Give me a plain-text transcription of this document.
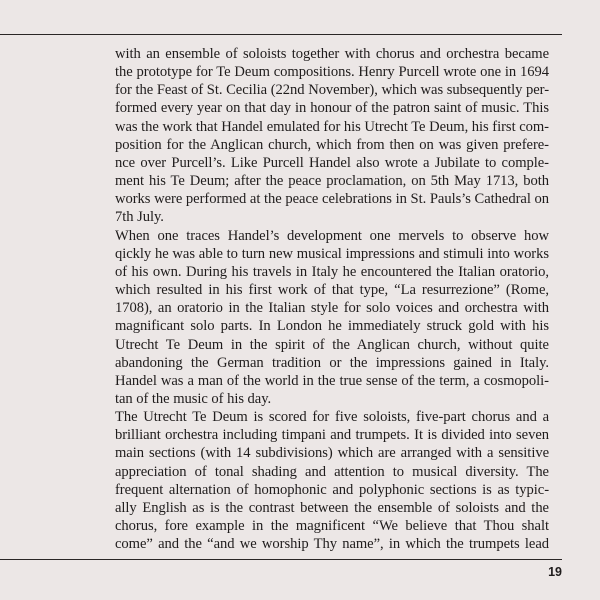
with an ensemble of soloists together with chorus and orchestra became
the prototype for Te Deum compositions. Henry Purcell wrote one in 1694
for the Feast of St. Cecilia (22nd November), which was subsequently per-
formed every year on that day in honour of the patron saint of music. This
was the work that Handel emulated for his Utrecht Te Deum, his first com-
position for the Anglican church, which from then on was given prefere-
nce over Purcell’s. Like Purcell Handel also wrote a Jubilate to comple-
ment his Te Deum; after the peace proclamation, on 5th May 1713, both
works were performed at the peace celebrations in St. Pauls’s Cathedral on
7th July.

When one traces Handel’s development one mervels to observe how
qickly he was able to turn new musical impressions and stimuli into works
of his own. During his travels in Italy he encountered the Italian oratorio,
which resulted in his first work of that type, “La resurrezione” (Rome,
1708), an oratorio in the Italian style for solo voices and orchestra with
magnificant solo parts. In London he immediately struck gold with his
Utrecht Te Deum in the spirit of the Anglican church, without quite
abandoning the German tradition or the impressions gained in Italy.
Handel was a man of the world in the true sense of the term, a cosmopoli-
tan of the music of his day.

The Utrecht Te Deum is scored for five soloists, five-part chorus and a
brilliant orchestra including timpani and trumpets. It is divided into seven
main sections (with 14 subdivisions) which are arranged with a sensitive
appreciation of tonal shading and attention to musical diversity. The
frequent alternation of homophonic and polyphonic sections is as typic-
ally English as is the contrast between the ensemble of soloists and the
chorus, fore example in the magnificent “We believe that Thou shalt
come” and the “and we worship Thy name”, in which the trumpets lead

19
